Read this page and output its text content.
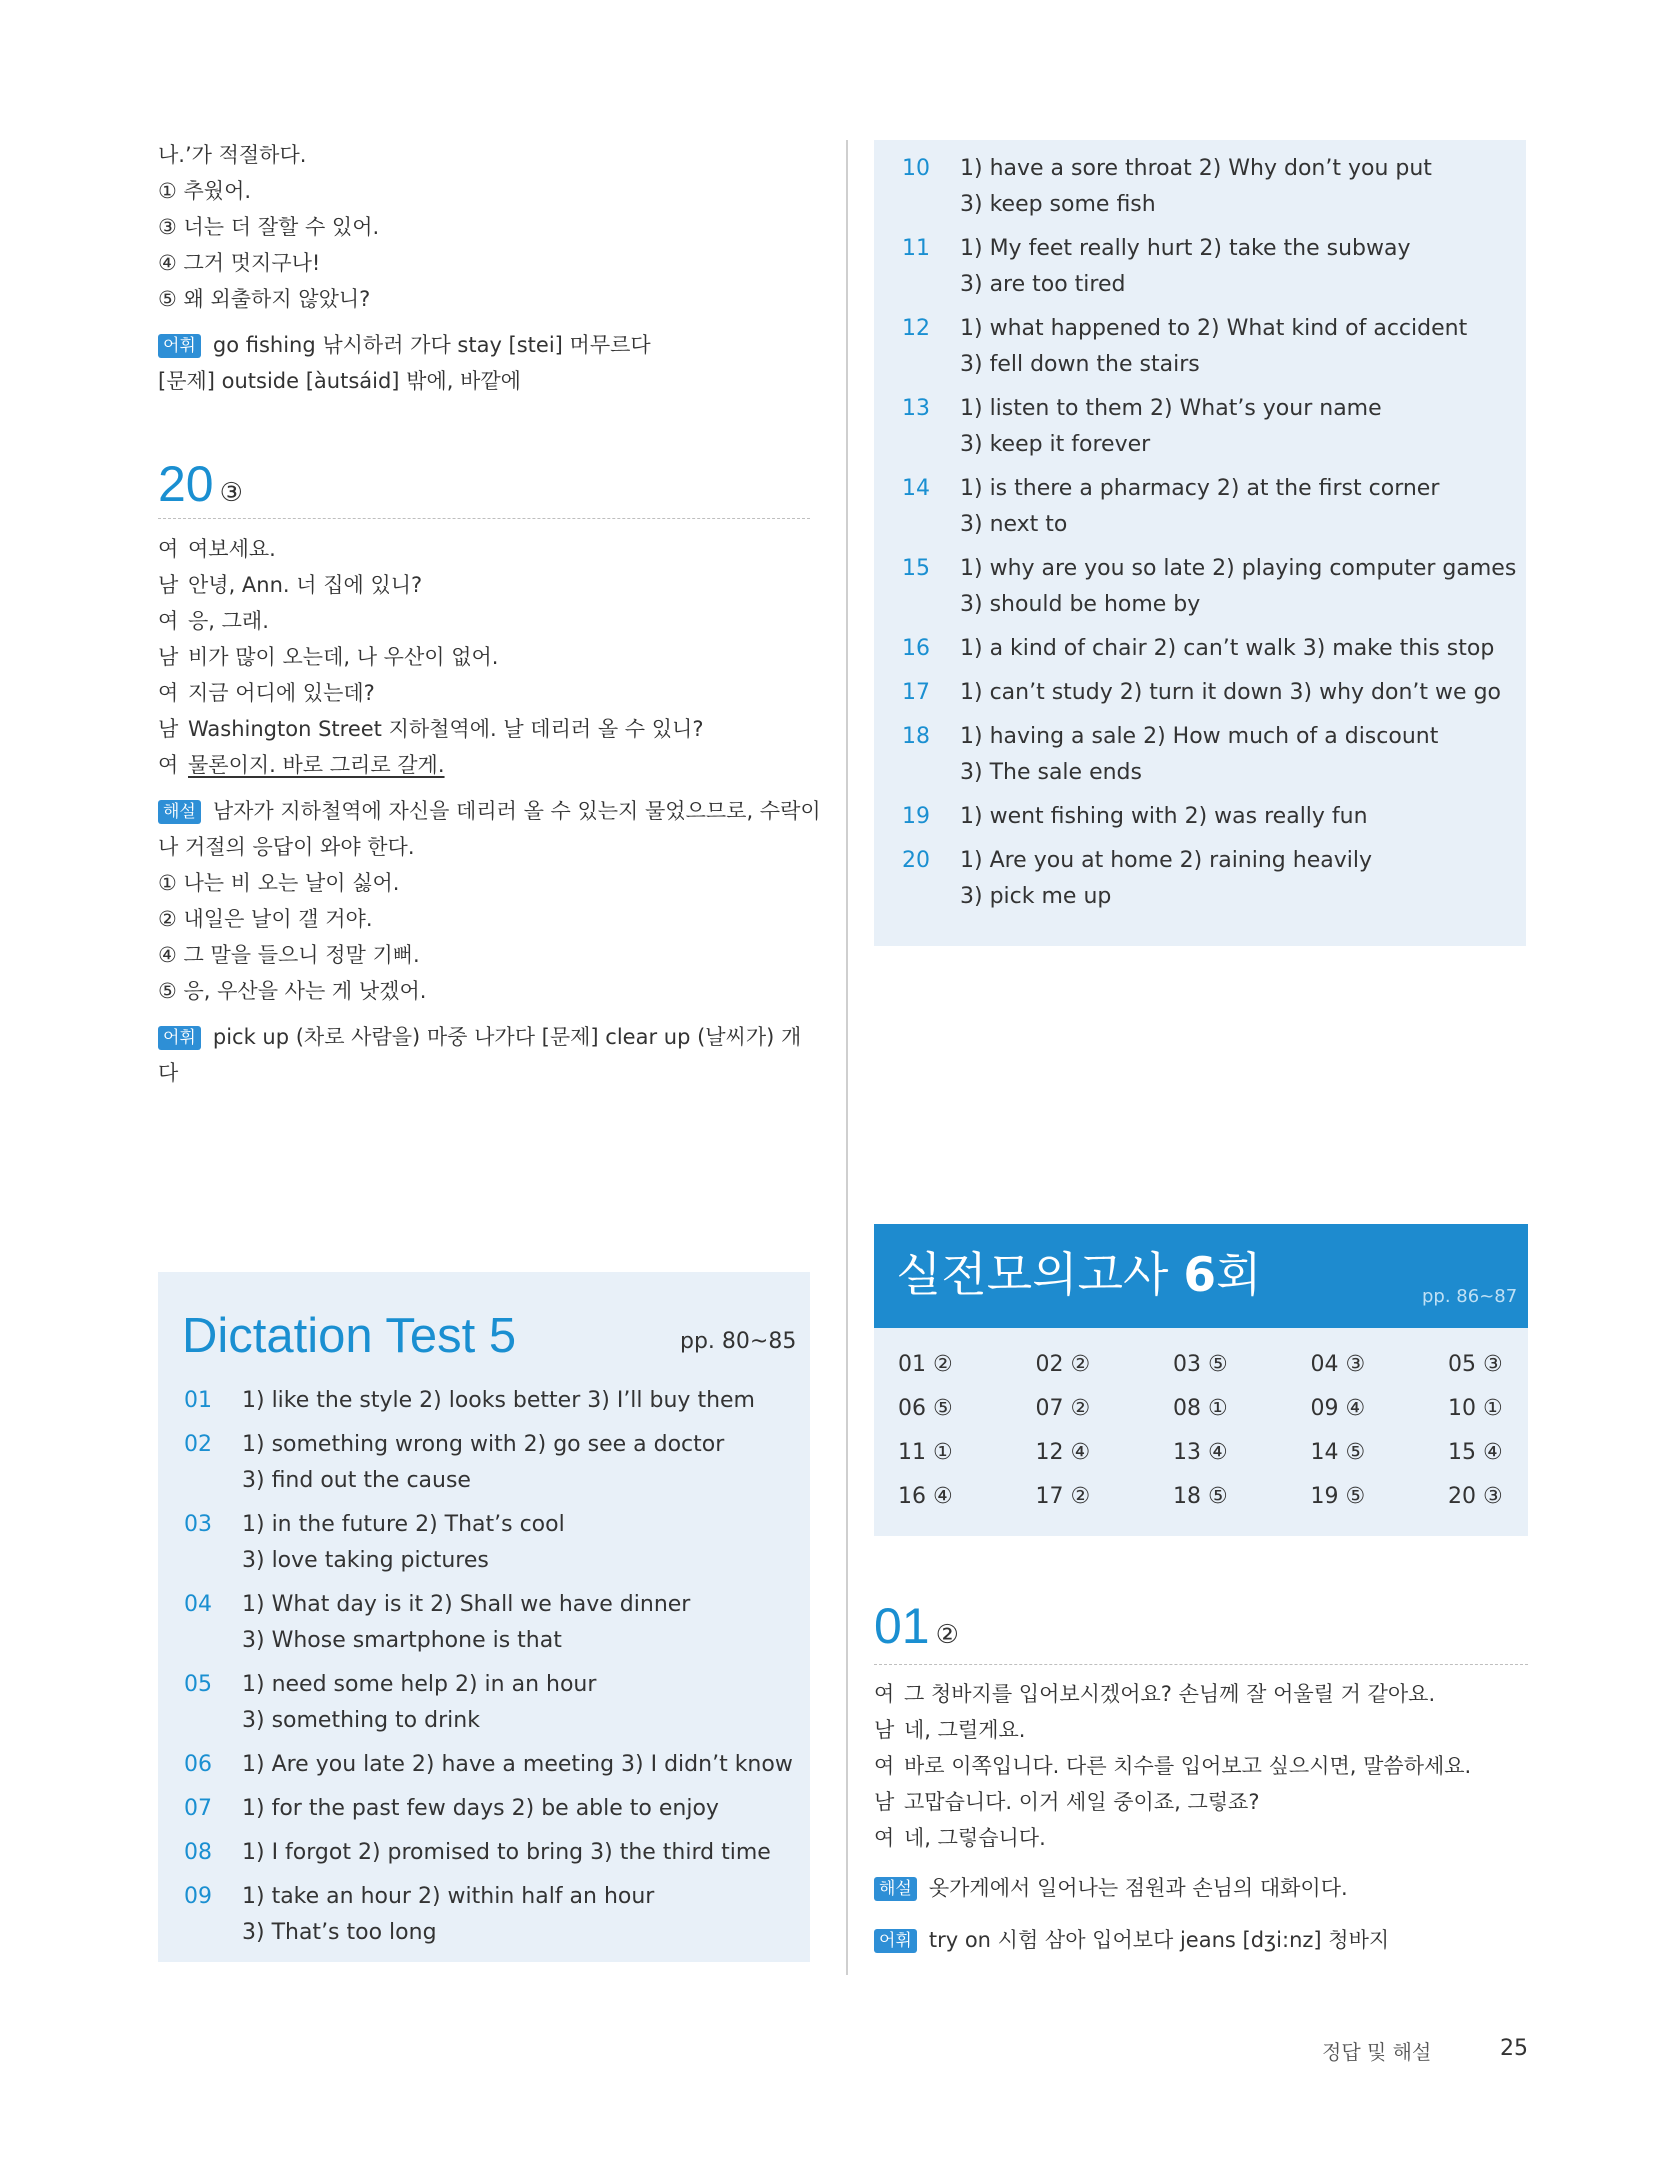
나.’가 적절하다.
① 추웠어.
③ 너는 더 잘할 수 있어.
④ 그거 멋지구나!
⑤ 왜 외출하지 않았니?
어휘 go fishing 낚시하러 가다 stay [stei] 머무르다
[문제] outside [àutsáid] 밖에, 바깥에
20 ③
여 여보세요.
남 안녕, Ann. 너 집에 있니?
여 응, 그래.
남 비가 많이 오는데, 나 우산이 없어.
여 지금 어디에 있는데?
남 Washington Street 지하철역에. 날 데리러 올 수 있니?
여 물론이지. 바로 그리로 갈게.
해설 남자가 지하철역에 자신을 데리러 올 수 있는지 물었으므로, 수락이
나 거절의 응답이 와야 한다.
① 나는 비 오는 날이 싫어.
② 내일은 날이 갤 거야.
④ 그 말을 들으니 정말 기뻐.
⑤ 응, 우산을 사는 게 낫겠어.
어휘 pick up (차로 사람을) 마중 나가다 [문제] clear up (날씨가) 개
다
Dictation Test 5	pp. 80~85
01 1) like the style 2) looks better 3) I’ll buy them
02 1) something wrong with 2) go see a doctor
3) find out the cause
03 1) in the future 2) That’s cool
3) love taking pictures
04 1) What day is it 2) Shall we have dinner
3) Whose smartphone is that
05 1) need some help 2) in an hour
3) something to drink
06 1) Are you late 2) have a meeting 3) I didn’t know
07 1) for the past few days 2) be able to enjoy
08 1) I forgot 2) promised to bring 3) the third time
09 1) take an hour 2) within half an hour
3) That’s too long
10 1) have a sore throat 2) Why don’t you put
3) keep some fish
11 1) My feet really hurt 2) take the subway
3) are too tired
12 1) what happened to 2) What kind of accident
3) fell down the stairs
13 1) listen to them 2) What’s your name
3) keep it forever
14 1) is there a pharmacy 2) at the first corner
3) next to
15 1) why are you so late 2) playing computer games
3) should be home by
16 1) a kind of chair 2) can’t walk 3) make this stop
17 1) can’t study 2) turn it down 3) why don’t we go
18 1) having a sale 2) How much of a discount
3) The sale ends
19 1) went fishing with 2) was really fun
20 1) Are you at home 2) raining heavily
3) pick me up
실전모의고사 6회	pp. 86~87
01 ②	02 ②	03 ⑤	04 ③	05 ③
06 ⑤	07 ②	08 ①	09 ④	10 ①
11 ①	12 ④	13 ④	14 ⑤	15 ④
16 ④	17 ②	18 ⑤	19 ⑤	20 ③
01 ②
여 그 청바지를 입어보시겠어요? 손님께 잘 어울릴 거 같아요.
남 네, 그럴게요.
여 바로 이쪽입니다. 다른 치수를 입어보고 싶으시면, 말씀하세요.
남 고맙습니다. 이거 세일 중이죠, 그렇죠?
여 네, 그렇습니다.
해설 옷가게에서 일어나는 점원과 손님의 대화이다.
어휘 try on 시험 삼아 입어보다 jeans [dʒi:nz] 청바지
정답 및 해설	25
